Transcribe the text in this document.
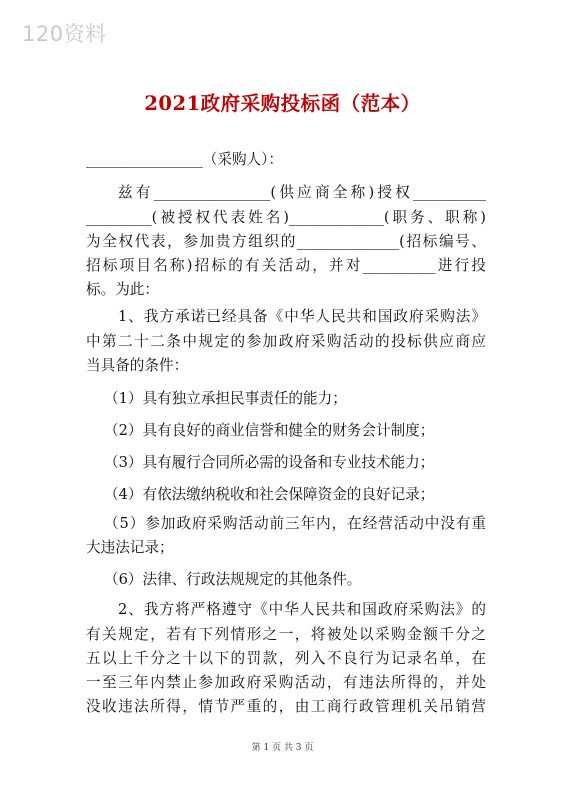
120资料
2021政府采购投标函（范本）
________________（采购人）：
兹有________________(供应商全称)授权__________
_________(被授权代表姓名)_____________(职务、职称)
为全权代表，参加贵方组织的______________(招标编号、
招标项目名称)招标的有关活动，并对__________进行投
标。为此：
1、我方承诺已经具备《中华人民共和国政府采购法》
中第二十二条中规定的参加政府采购活动的投标供应商应
当具备的条件：
（1）具有独立承担民事责任的能力；
（2）具有良好的商业信誉和健全的财务会计制度；
（3）具有履行合同所必需的设备和专业技术能力；
（4）有依法缴纳税收和社会保障资金的良好记录；
（5）参加政府采购活动前三年内，在经营活动中没有重
大违法记录；
（6）法律、行政法规规定的其他条件。
2、我方将严格遵守《中华人民共和国政府采购法》的
有关规定，若有下列情形之一，将被处以采购金额千分之
五以上千分之十以下的罚款，列入不良行为记录名单，在
一至三年内禁止参加政府采购活动，有违法所得的，并处
没收违法所得，情节严重的，由工商行政管理机关吊销营
第 1 页 共 3 页
